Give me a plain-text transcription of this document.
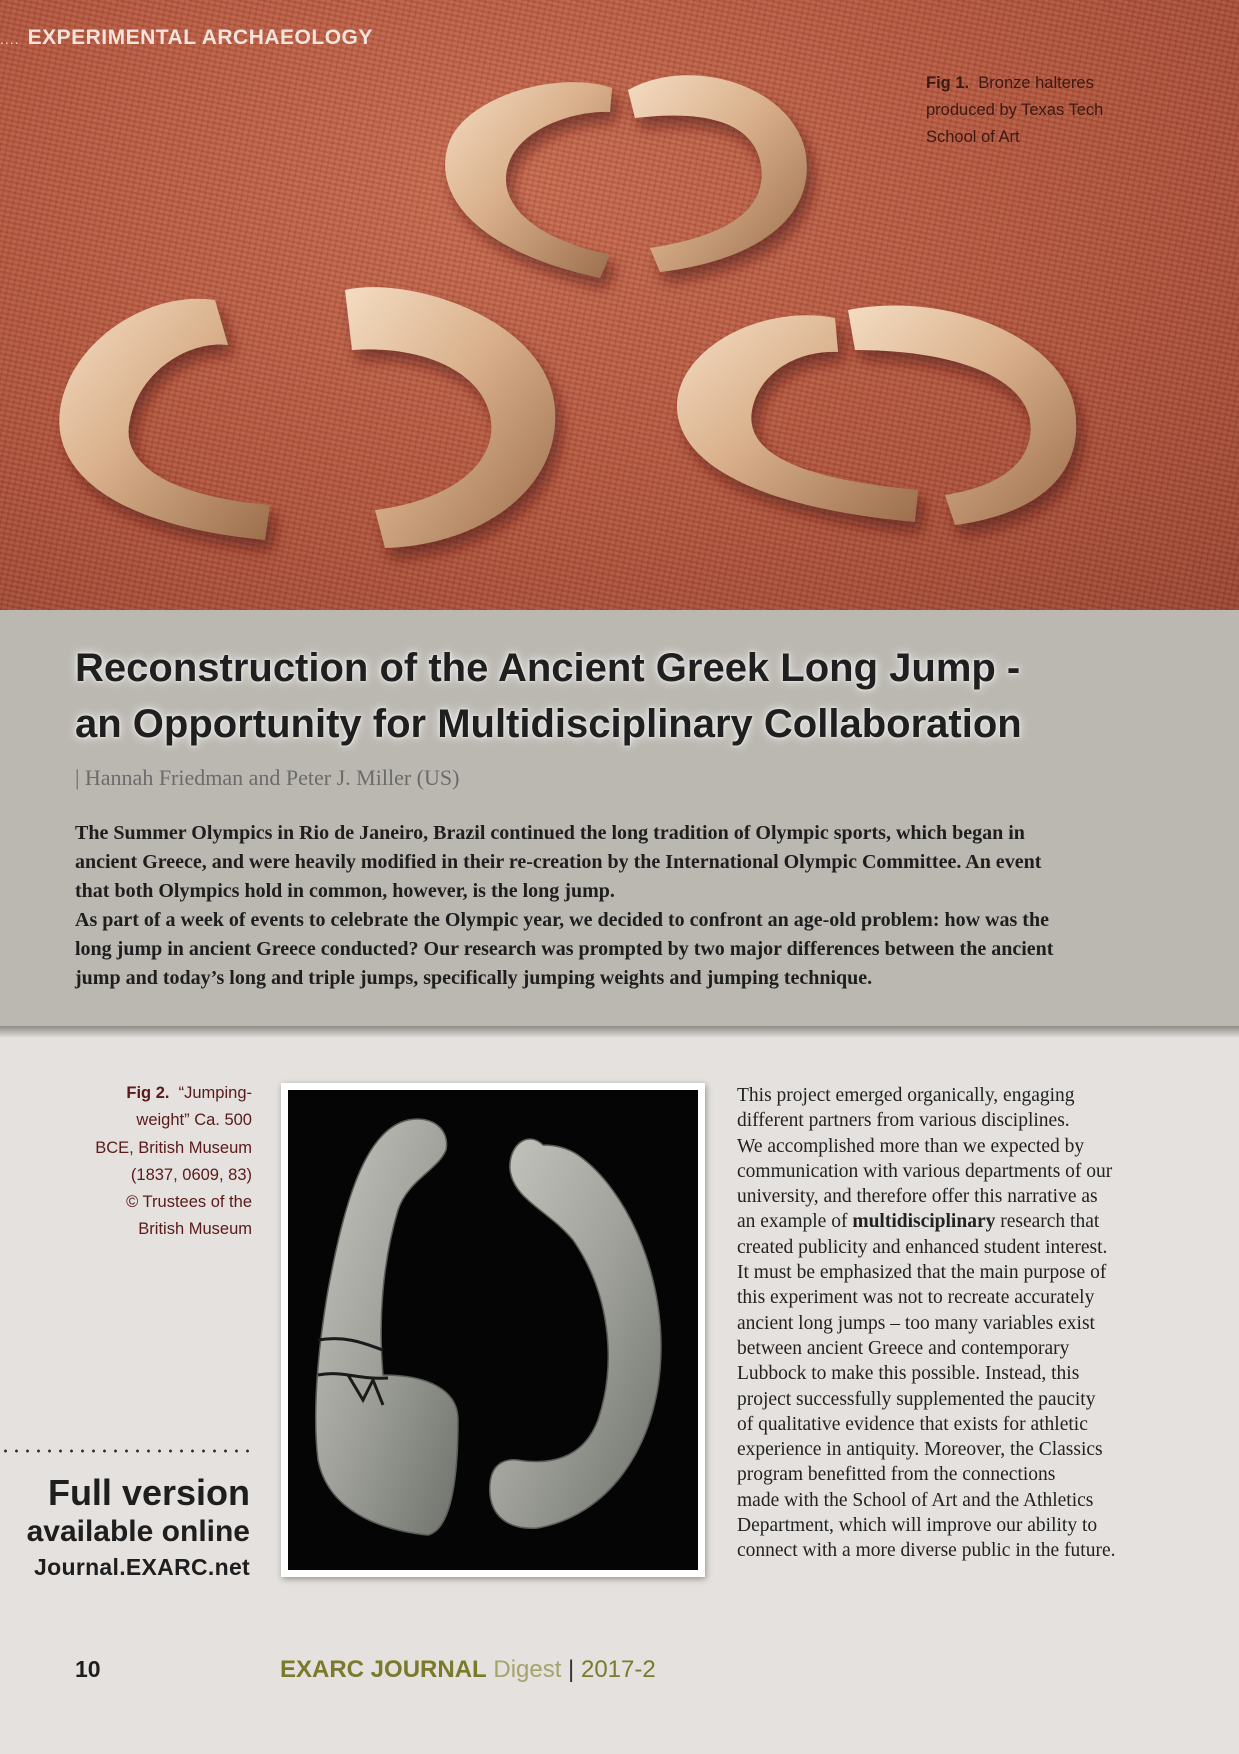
.... EXPERIMENTAL ARCHAEOLOGY
Fig 1. Bronze halteres
produced by Texas Tech
School of Art
Reconstruction of the Ancient Greek Long Jump -
an Opportunity for Multidisciplinary Collaboration
| Hannah Friedman and Peter J. Miller (US)
The Summer Olympics in Rio de Janeiro, Brazil continued the long tradition of Olympic sports, which began in
ancient Greece, and were heavily modified in their re-creation by the International Olympic Committee. An event
that both Olympics hold in common, however, is the long jump.
As part of a week of events to celebrate the Olympic year, we decided to confront an age-old problem: how was the
long jump in ancient Greece conducted? Our research was prompted by two major differences between the ancient
jump and today’s long and triple jumps, specifically jumping weights and jumping technique.
Fig 2. “Jumping-
weight” Ca. 500
BCE, British Museum
(1837, 0609, 83)
© Trustees of the
British Museum
This project emerged organically, engaging
different partners from various disciplines.
We accomplished more than we expected by
communication with various departments of our
university, and therefore offer this narrative as
an example of multidisciplinary research that
created publicity and enhanced student interest.
It must be emphasized that the main purpose of
this experiment was not to recreate accurately
ancient long jumps – too many variables exist
between ancient Greece and contemporary
Lubbock to make this possible. Instead, this
project successfully supplemented the paucity
of qualitative evidence that exists for athletic
experience in antiquity. Moreover, the Classics
program benefitted from the connections
made with the School of Art and the Athletics
Department, which will improve our ability to
connect with a more diverse public in the future.
Full version
available online
Journal.EXARC.net
10	EXARC JOURNAL Digest | 2017-2
